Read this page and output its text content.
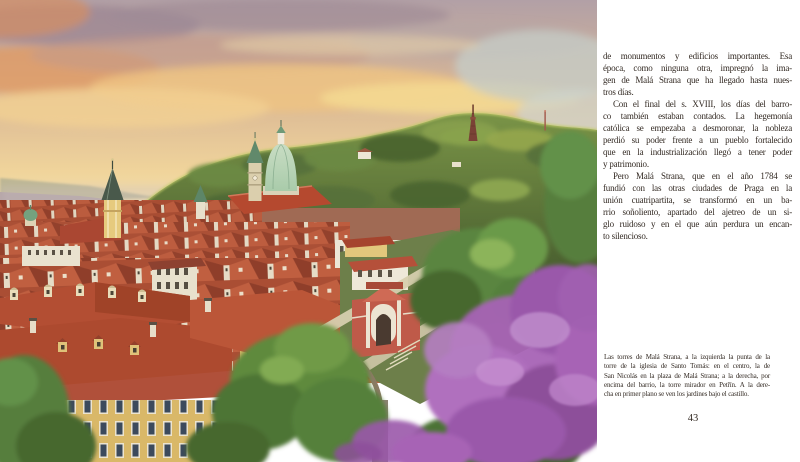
de monumentos y edificios importantes. Esa
época, como ninguna otra, impregnó la ima-
gen de Malá Strana que ha llegado hasta nues-
tros días.
Con el final del s. XVIII, los días del barro-
co también estaban contados. La hegemonía
católica se empezaba a desmoronar, la nobleza
perdió su poder frente a un pueblo fortalecido
que en la industrialización llegó a tener poder
y patrimonio.
Pero Malá Strana, que en el año 1784 se
fundió con las otras ciudades de Praga en la
unión cuatripartita, se transformó en un ba-
rrio soñoliento, apartado del ajetreo de un si-
glo ruidoso y en el que aún perdura un encan-
to silencioso.
Las torres de Malá Strana, a la izquierda la punta de la
torre de la iglesia de Santo Tomás: en el centro, la de
San Nicolás en la plaza de Malá Strana; a la derecha, por
encima del barrio, la torre mirador en Petřín. A la dere-
cha en primer plano se ven los jardines bajo el castillo.
43
